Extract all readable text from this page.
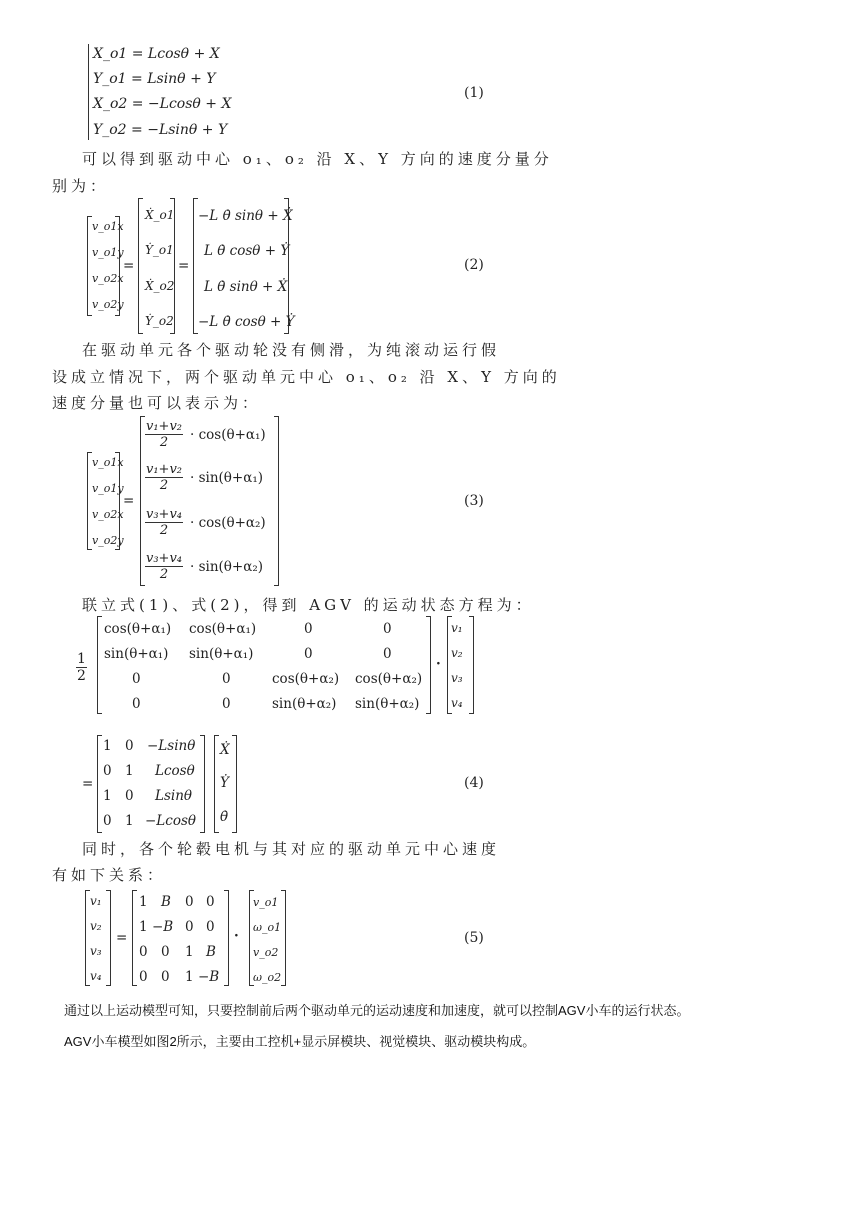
X_o1 = Lcosθ + X
Y_o1 = Lsinθ + Y
X_o2 = −Lcosθ + X
Y_o2 = −Lsinθ + Y
(1)
可以得到驱动中心 o₁、o₂ 沿 X、Y 方向的速度分量分
别为：
v_o1x
v_o1y
v_o2x
v_o2y
=
Ẋ_o1
Ẏ_o1
Ẋ_o2
Ẏ_o2
=
−L θ̇ sinθ + Ẋ
L θ̇ cosθ + Ẏ
L θ̇ sinθ + Ẋ
−L θ̇ cosθ + Ẏ
(2)
在驱动单元各个驱动轮没有侧滑，为纯滚动运行假
设成立情况下，两个驱动单元中心 o₁、o₂ 沿 X、Y 方向的
速度分量也可以表示为：
v_o1x
v_o1y
v_o2x
v_o2y
=
$\frac{\text{v₁+v₂}}{2} \cdot \cos(\theta+\alpha_1)$
$\frac{\text{v₁+v₂}}{2} \cdot \sin(\theta+\alpha_1)$
$\frac{\text{v₃+v₄}}{2} \cdot \cos(\theta+\alpha_2)$
$\frac{\text{v₃+v₄}}{2} \cdot \sin(\theta+\alpha_2)$
(3)
联立式(1)、式(2)，得到 AGV 的运动状态方程为：
$\frac{1}{2}$
cos(θ+α₁) cos(θ+α₁)	0	0
sin(θ+α₁) sin(θ+α₁)	0	0
0	0	cos(θ+α₂) cos(θ+α₂)
0	0	sin(θ+α₂) sin(θ+α₂)
·
v₁
v₂
v₃
v₄
=
1 0 −Lsinθ
0 1 Lcosθ
1 0 Lsinθ
0 1 −Lcosθ
Ẋ
Ẏ
θ̇
(4)
同时，各个轮毂电机与其对应的驱动单元中心速度
有如下关系：
v₁
v₂
v₃
v₄
=
1 B 0 0
1 −B 0 0
0 0 1 B
0 0 1 −B
·
v_o1
ω_o1
v_o2
ω_o2
(5)
通过以上运动模型可知，只要控制前后两个驱动单元的运动速度和加速度，就可以控制AGV小车的运行状态。
AGV小车模型如图2所示，主要由工控机+显示屏模块、视觉模块、驱动模块构成。
